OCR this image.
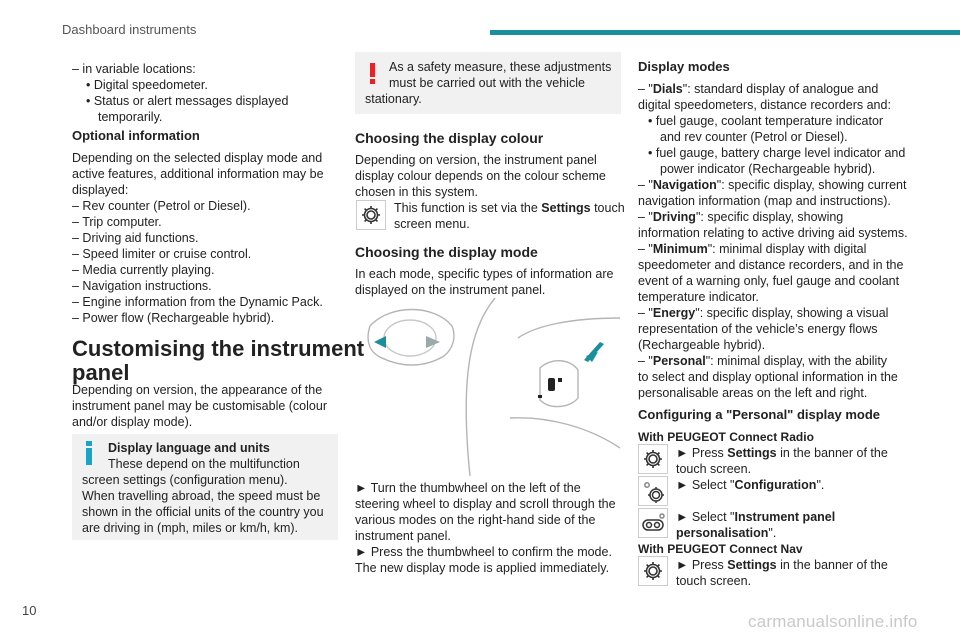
Dashboard instruments
10
carmanualsonline.info
– in variable locations:
• Digital speedometer.
• Status or alert messages displayed
temporarily.
Optional information
Depending on the selected display mode and
active features, additional information may be
displayed:
– Rev counter (Petrol or Diesel).
– Trip computer.
– Driving aid functions.
– Speed limiter or cruise control.
– Media currently playing.
– Navigation instructions.
– Engine information from the Dynamic Pack.
– Power flow (Rechargeable hybrid).
Customising the instrument
panel
Depending on version, the appearance of the
instrument panel may be customisable (colour
and/or display mode).
Display language and units
These depend on the multifunction
screen settings (configuration menu).
When travelling abroad, the speed must be
shown in the official units of the country you
are driving in (mph, miles or km/h, km).
As a safety measure, these adjustments
must be carried out with the vehicle
stationary.
Choosing the display colour
Depending on version, the instrument panel
display colour depends on the colour scheme
chosen in this system.
This function is set via the Settings touch
screen menu.
Choosing the display mode
In each mode, specific types of information are
displayed on the instrument panel.
► Turn the thumbwheel on the left of the
steering wheel to display and scroll through the
various modes on the right-hand side of the
instrument panel.
► Press the thumbwheel to confirm the mode.
The new display mode is applied immediately.
Display modes
– "Dials": standard display of analogue and
digital speedometers, distance recorders and:
• fuel gauge, coolant temperature indicator
and rev counter (Petrol or Diesel).
• fuel gauge, battery charge level indicator and
power indicator (Rechargeable hybrid).
– "Navigation": specific display, showing current
navigation information (map and instructions).
– "Driving": specific display, showing
information relating to active driving aid systems.
– "Minimum": minimal display with digital
speedometer and distance recorders, and in the
event of a warning only, fuel gauge and coolant
temperature indicator.
– "Energy": specific display, showing a visual
representation of the vehicle’s energy flows
(Rechargeable hybrid).
– "Personal": minimal display, with the ability
to select and display optional information in the
personalisable areas on the left and right.
Configuring a "Personal" display mode
With PEUGEOT Connect Radio
► Press Settings in the banner of the
touch screen.
► Select "Configuration".
► Select "Instrument panel
personalisation".
With PEUGEOT Connect Nav
► Press Settings in the banner of the
touch screen.
